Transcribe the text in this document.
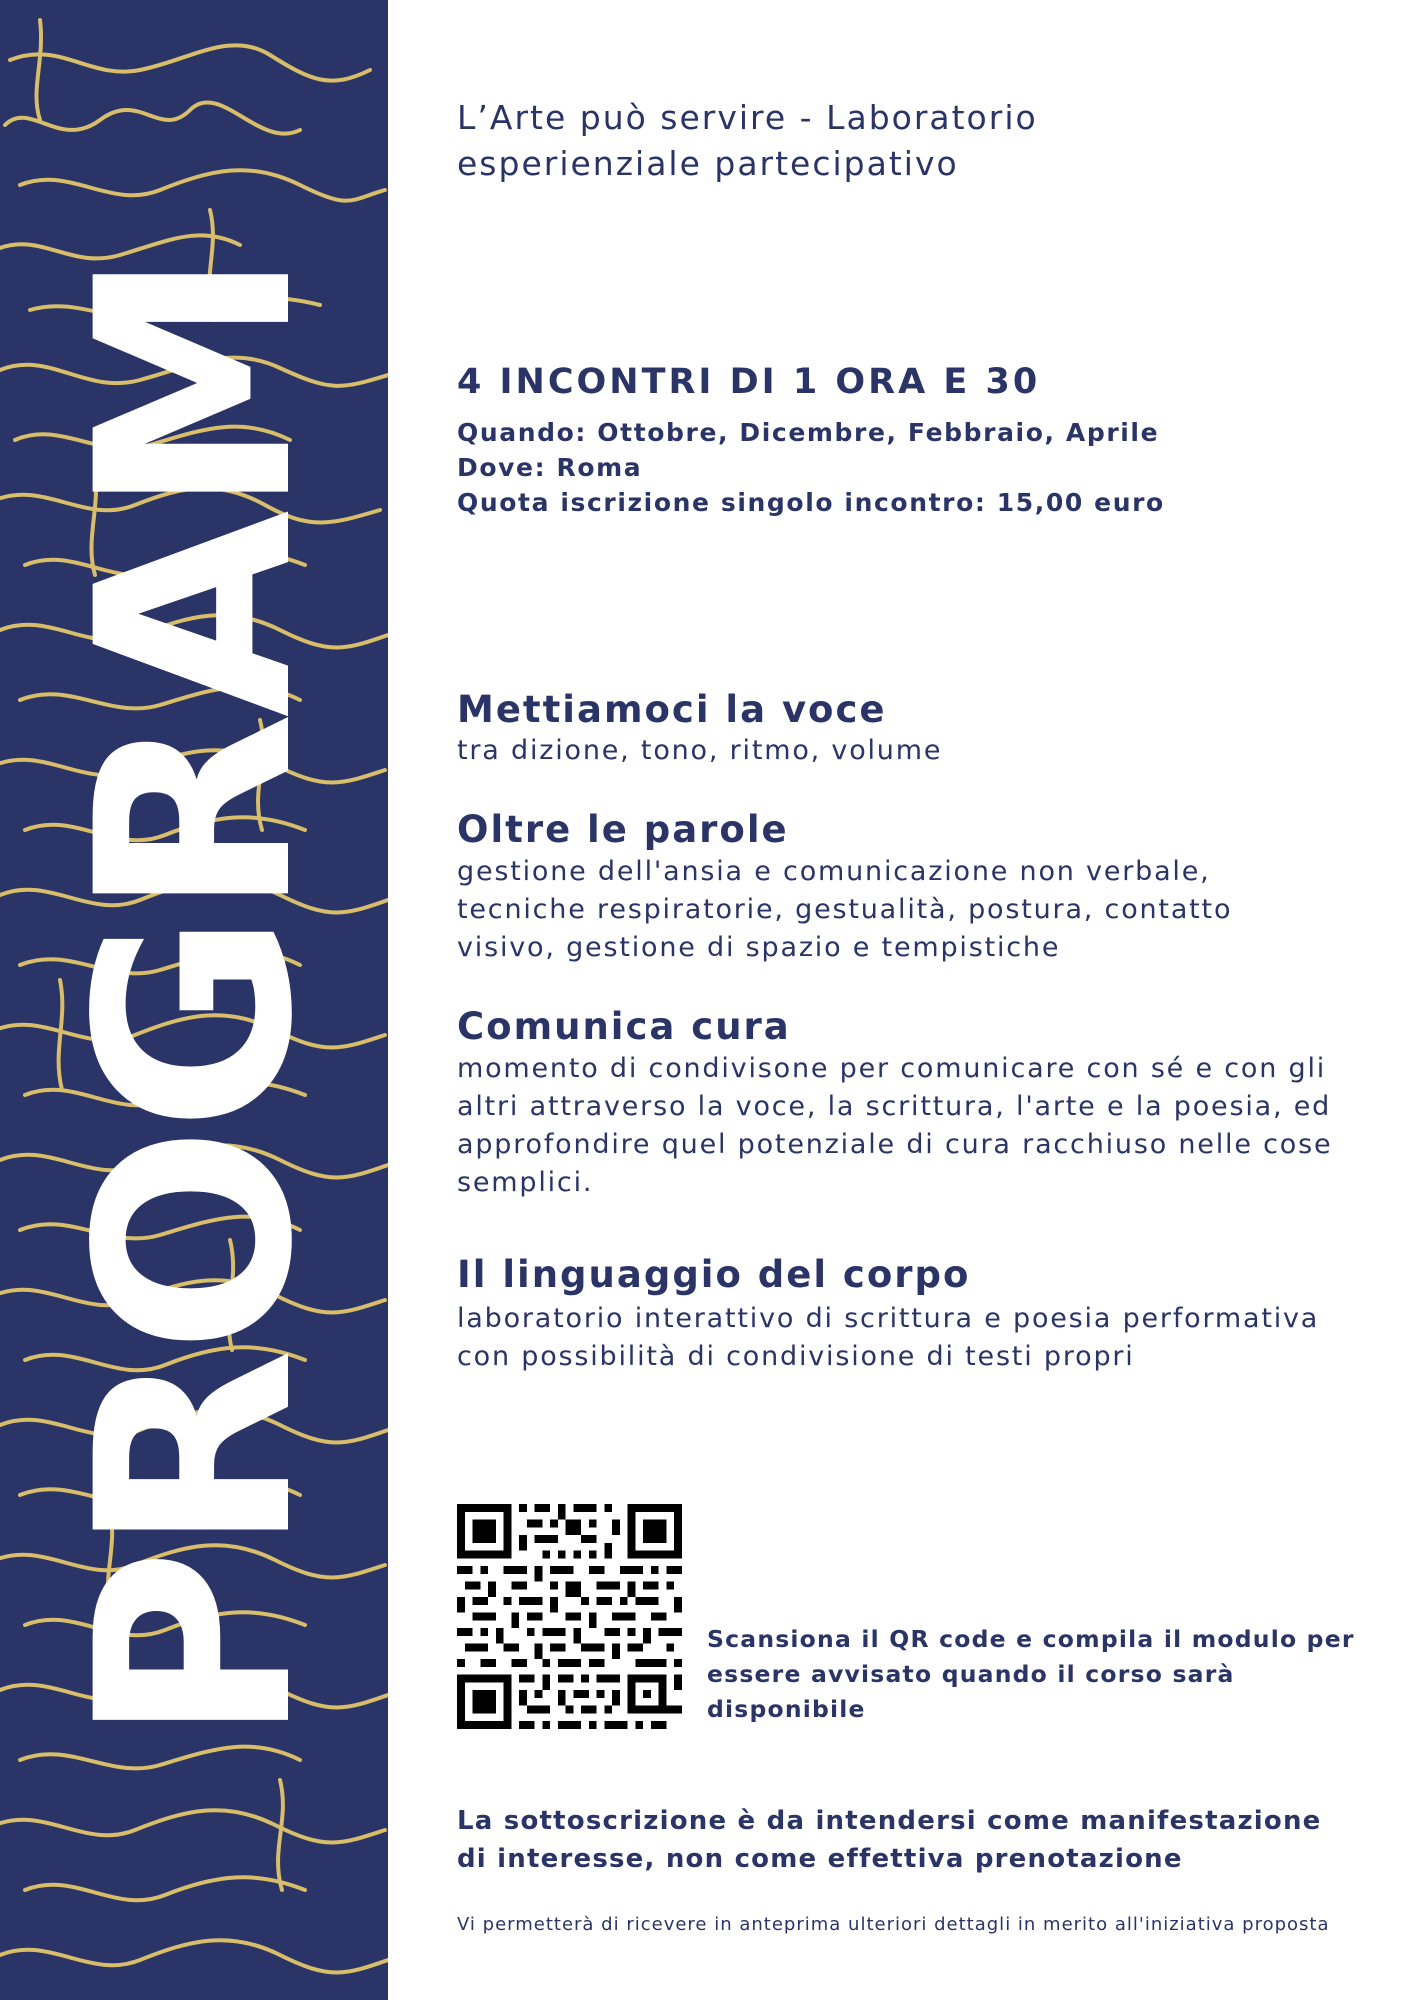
PROGRAM
L’Arte può servire - Laboratorio esperienziale partecipativo
4 INCONTRI DI 1 ORA E 30
Quando: Ottobre, Dicembre, Febbraio, Aprile
Dove: Roma
Quota iscrizione singolo incontro: 15,00 euro
Mettiamoci la voce
tra dizione, tono, ritmo, volume
Oltre le parole
gestione dell'ansia e comunicazione non verbale, tecniche respiratorie, gestualità, postura, contatto visivo, gestione di spazio e tempistiche
Comunica cura
momento di condivisone per comunicare con sé e con gli altri attraverso la voce, la scrittura, l'arte e la poesia, ed approfondire quel potenziale di cura racchiuso nelle cose semplici.
Il linguaggio del corpo
laboratorio interattivo di scrittura e poesia performativa con possibilità di condivisione di testi propri
Scansiona il QR code e compila il modulo per essere avvisato quando il corso sarà disponibile
La sottoscrizione è da intendersi come manifestazione di interesse, non come effettiva prenotazione
Vi permetterà di ricevere in anteprima ulteriori dettagli in merito all'iniziativa proposta
